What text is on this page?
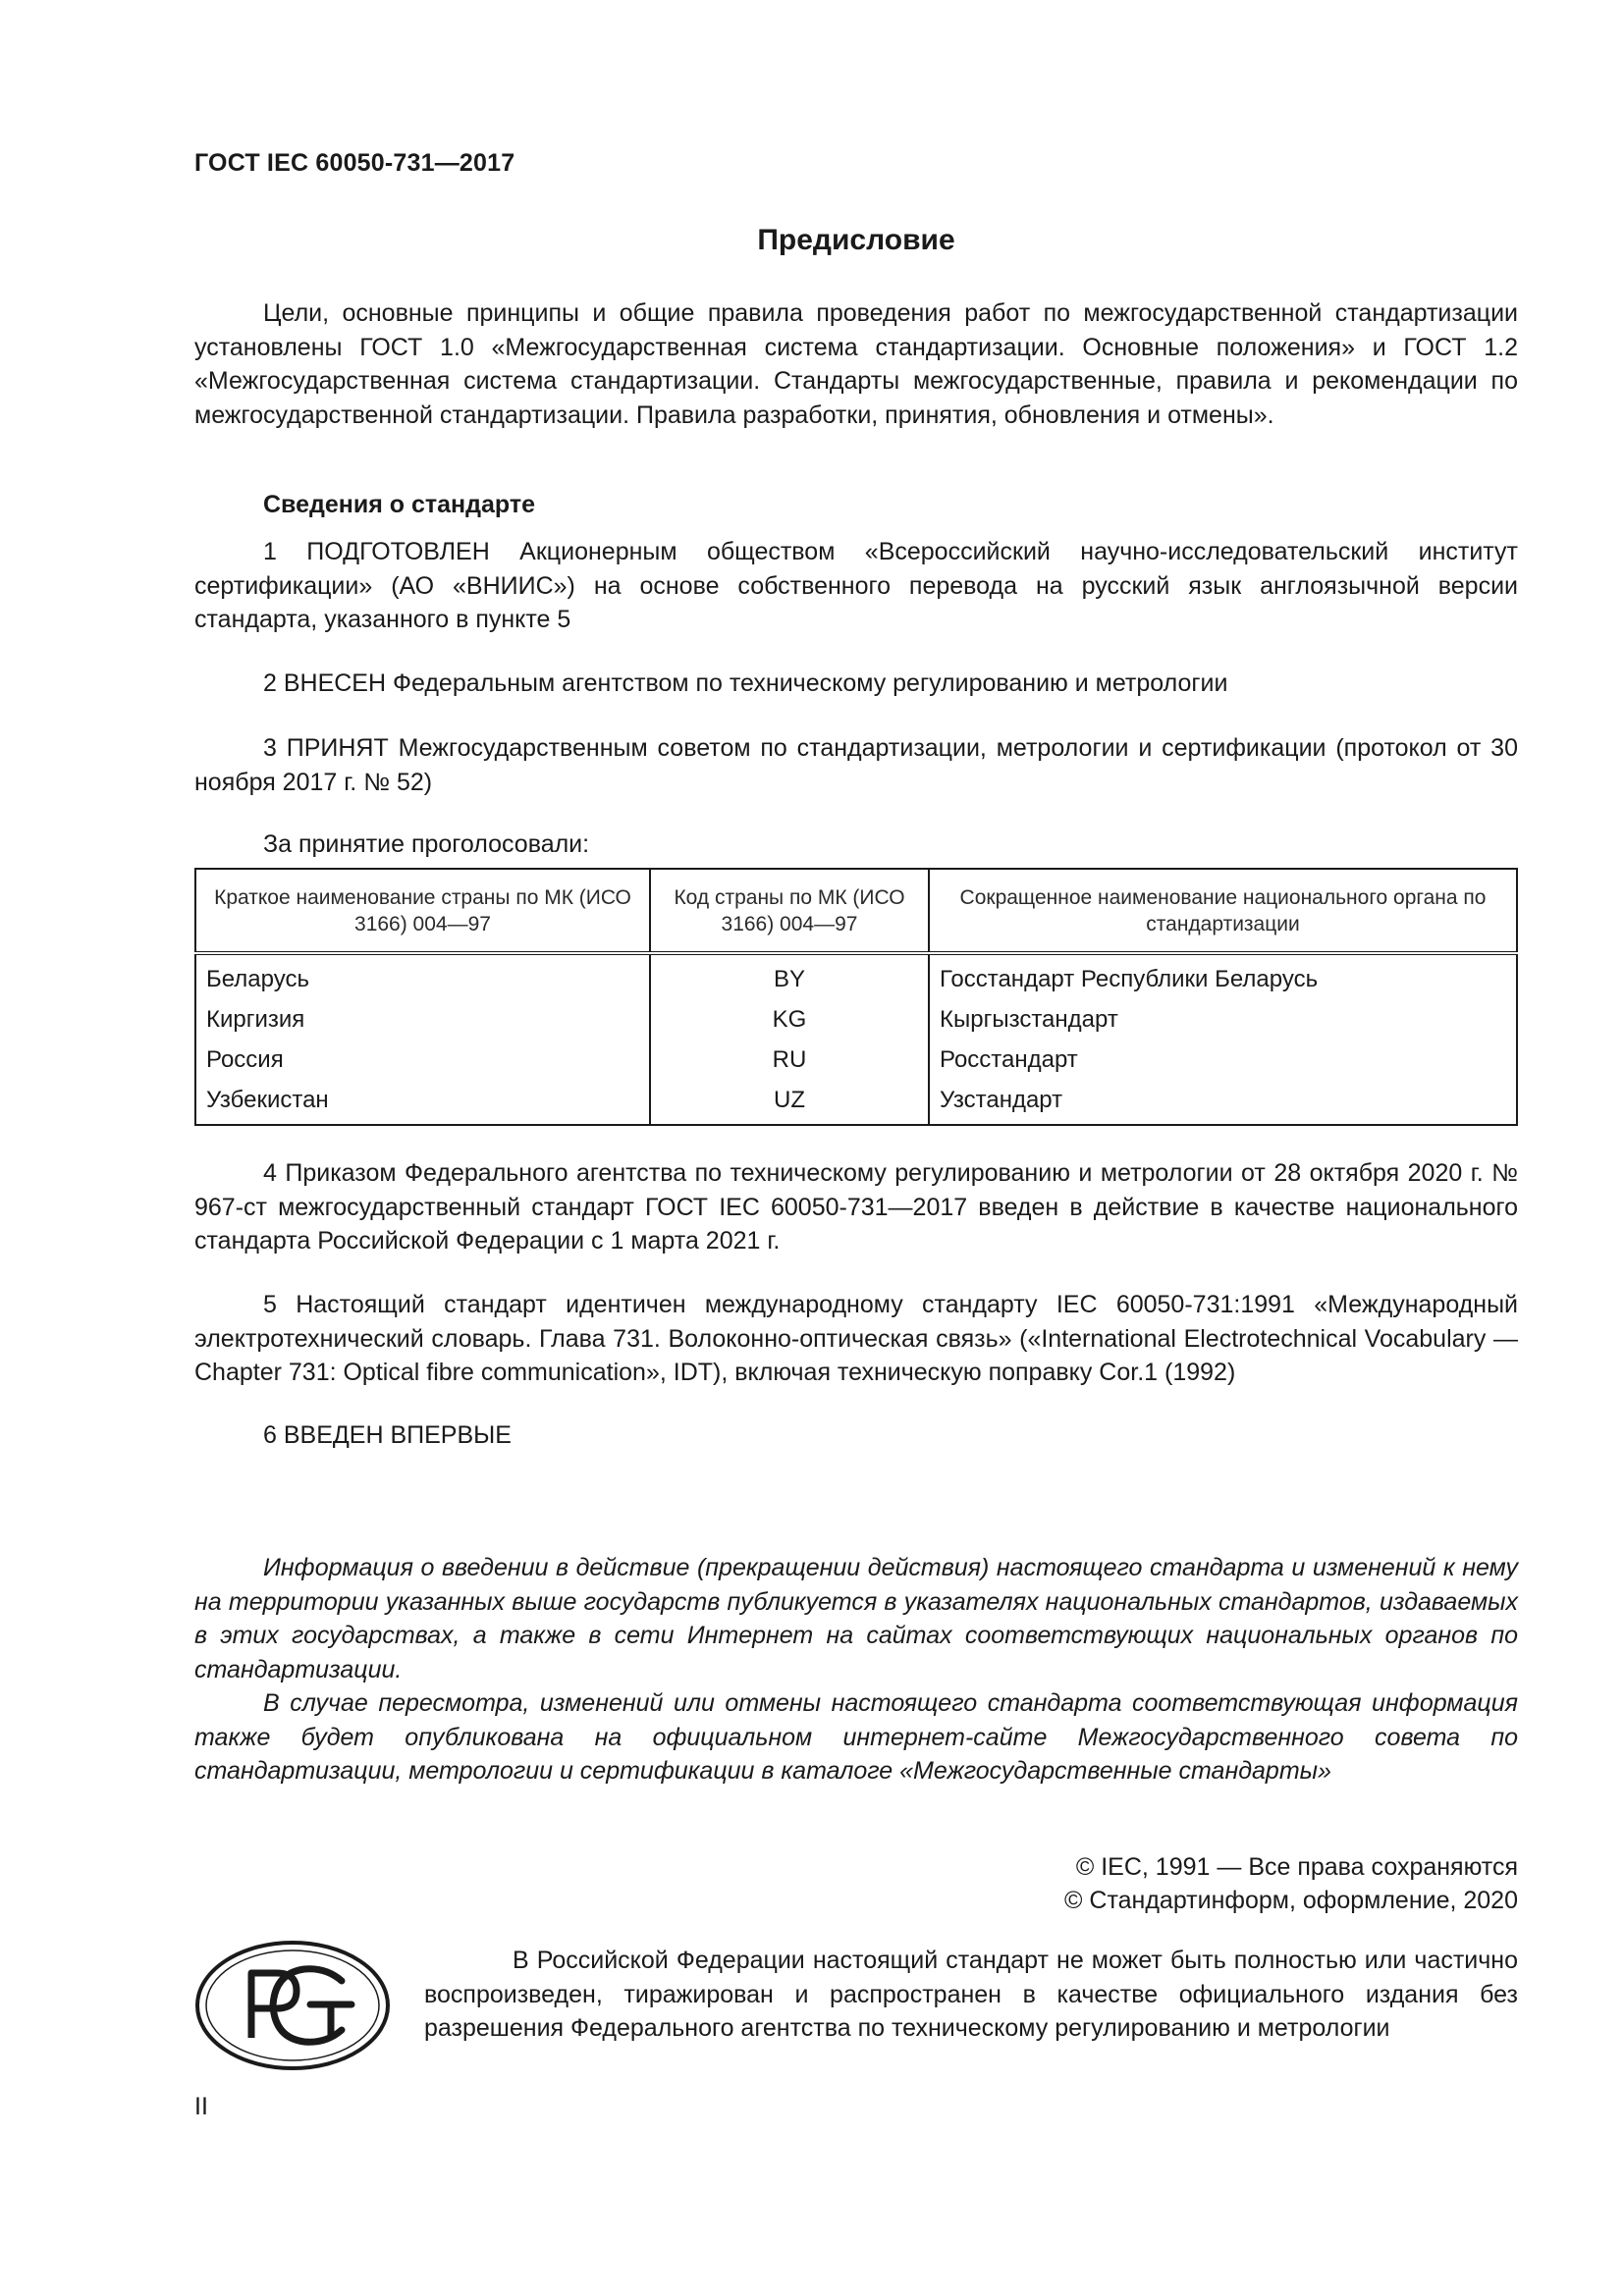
ГОСТ IEC 60050-731—2017
Предисловие

Цели, основные принципы и общие правила проведения работ по межгосударственной стандартизации установлены ГОСТ 1.0 «Межгосударственная система стандартизации. Основные положения» и ГОСТ 1.2 «Межгосударственная система стандартизации. Стандарты межгосударственные, правила и рекомендации по межгосударственной стандартизации. Правила разработки, принятия, обновления и отмены».

Сведения о стандарте

1 ПОДГОТОВЛЕН Акционерным обществом «Всероссийский научно-исследовательский институт сертификации» (АО «ВНИИС») на основе собственного перевода на русский язык англоязычной версии стандарта, указанного в пункте 5

2 ВНЕСЕН Федеральным агентством по техническому регулированию и метрологии

3 ПРИНЯТ Межгосударственным советом по стандартизации, метрологии и сертификации (протокол от 30 ноября 2017 г. № 52)

За принятие проголосовали:
Краткое наименование страны по МК (ИСО 3166) 004—97	Код страны по МК (ИСО 3166) 004—97	Сокращенное наименование национального органа по стандартизации
Беларусь	BY	Госстандарт Республики Беларусь
Киргизия	KG	Кыргызстандарт
Россия	RU	Росстандарт
Узбекистан	UZ	Узстандарт

4 Приказом Федерального агентства по техническому регулированию и метрологии от 28 октября 2020 г. № 967-ст межгосударственный стандарт ГОСТ IEC 60050-731—2017 введен в действие в качестве национального стандарта Российской Федерации с 1 марта 2021 г.

5 Настоящий стандарт идентичен международному стандарту IEC 60050-731:1991 «Международный электротехнический словарь. Глава 731. Волоконно-оптическая связь» («International Electrotechnical Vocabulary — Chapter 731: Optical fibre communication», IDT), включая техническую поправку Cor.1 (1992)

6 ВВЕДЕН ВПЕРВЫЕ

Информация о введении в действие (прекращении действия) настоящего стандарта и изменений к нему на территории указанных выше государств публикуется в указателях национальных стандартов, издаваемых в этих государствах, а также в сети Интернет на сайтах соответствующих национальных органов по стандартизации.

В случае пересмотра, изменений или отмены настоящего стандарта соответствующая информация также будет опубликована на официальном интернет-сайте Межгосударственного совета по стандартизации, метрологии и сертификации в каталоге «Межгосударственные стандарты»

© IEC, 1991 — Все права сохраняются
© Стандартинформ, оформление, 2020

В Российской Федерации настоящий стандарт не может быть полностью или частично воспроизведен, тиражирован и распространен в качестве официального издания без разрешения Федерального агентства по техническому регулированию и метрологии

II
